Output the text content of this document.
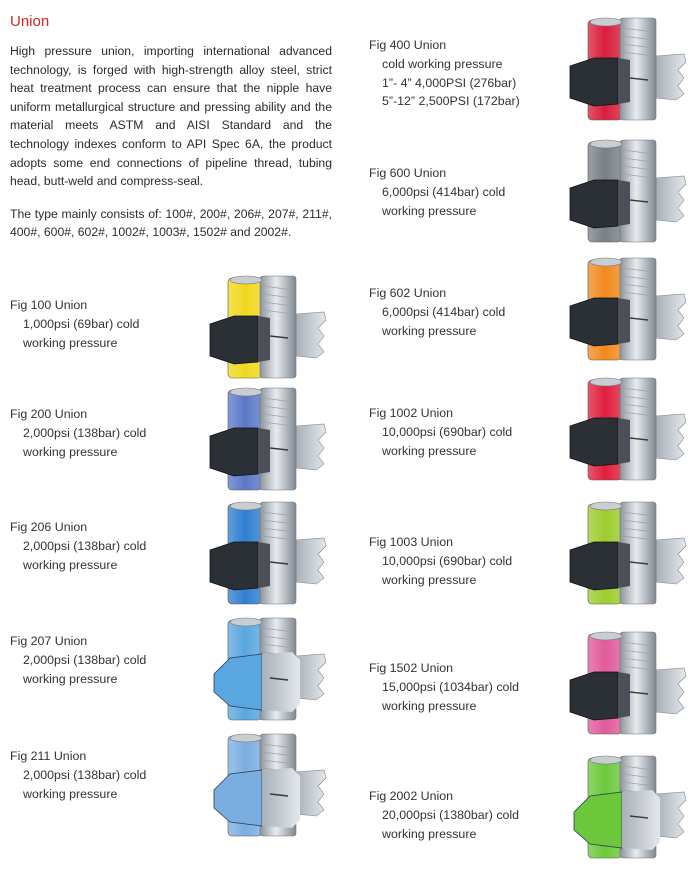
Union

High pressure union, importing international advanced technology, is forged with high-strength alloy steel, strict heat treatment process can ensure that the nipple have uniform metallurgical structure and pressing ability and the material meets ASTM and AISI Standard and the technology indexes conform to API Spec 6A, the product adopts some end connections of pipeline thread, tubing head, butt-weld and compress-seal.

The type mainly consists of: 100#, 200#, 206#, 207#, 211#, 400#, 600#, 602#, 1002#, 1003#, 1502# and 2002#.

Fig 100 Union
1,000psi (69bar) cold
working pressure
Fig 200 Union
2,000psi (138bar) cold
working pressure
Fig 206 Union
2,000psi (138bar) cold
working pressure
Fig 207 Union
2,000psi (138bar) cold
working pressure
Fig 211 Union
2,000psi (138bar) cold
working pressure
Fig 400 Union
cold working pressure
1”- 4” 4,000PSI (276bar)
5”-12” 2,500PSI (172bar)
Fig 600 Union
6,000psi (414bar) cold
working pressure
Fig 602 Union
6,000psi (414bar) cold
working pressure
Fig 1002 Union
10,000psi (690bar) cold
working pressure
Fig 1003 Union
10,000psi (690bar) cold
working pressure
Fig 1502 Union
15,000psi (1034bar) cold
working pressure
Fig 2002 Union
20,000psi (1380bar) cold
working pressure
